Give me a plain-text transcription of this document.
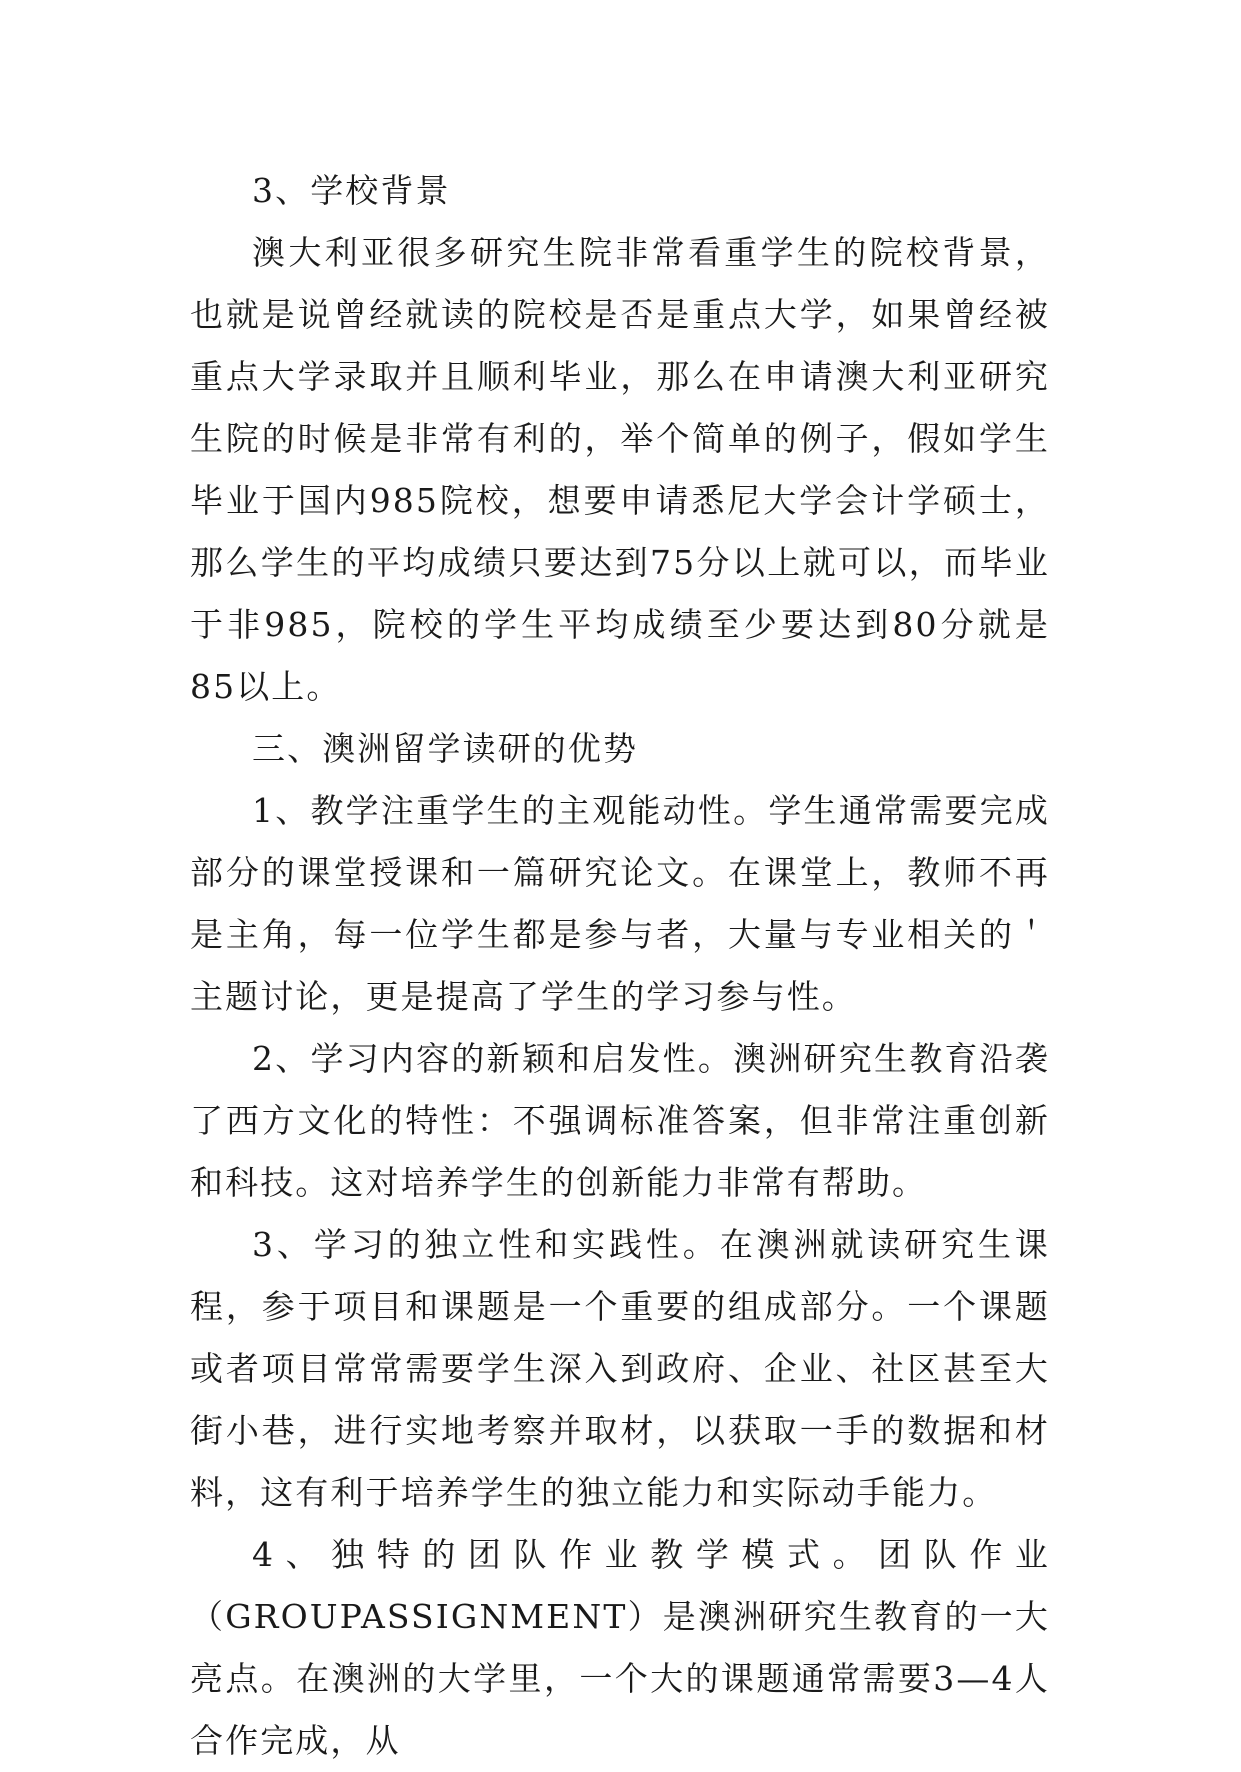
3、学校背景

澳大利亚很多研究生院非常看重学生的院校背景，也就是说曾经就读的院校是否是重点大学，如果曾经被重点大学录取并且顺利毕业，那么在申请澳大利亚研究生院的时候是非常有利的，举个简单的例子，假如学生毕业于国内985院校，想要申请悉尼大学会计学硕士，那么学生的平均成绩只要达到75分以上就可以，而毕业于非985，院校的学生平均成绩至少要达到80分就是85以上。

三、澳洲留学读研的优势

1、教学注重学生的主观能动性。学生通常需要完成部分的课堂授课和一篇研究论文。在课堂上，教师不再是主角，每一位学生都是参与者，大量与专业相关的＇主题讨论，更是提高了学生的学习参与性。

2、学习内容的新颖和启发性。澳洲研究生教育沿袭了西方文化的特性：不强调标准答案，但非常注重创新和科技。这对培养学生的创新能力非常有帮助。

3、学习的独立性和实践性。在澳洲就读研究生课程，参于项目和课题是一个重要的组成部分。一个课题或者项目常常需要学生深入到政府、企业、社区甚至大街小巷，进行实地考察并取材，以获取一手的数据和材料，这有利于培养学生的独立能力和实际动手能力。

4、独特的团队作业教学模式。团队作业（GROUPASSIGNMENT）是澳洲研究生教育的一大亮点。在澳洲的大学里，一个大的课题通常需要3—4人合作完成，从
